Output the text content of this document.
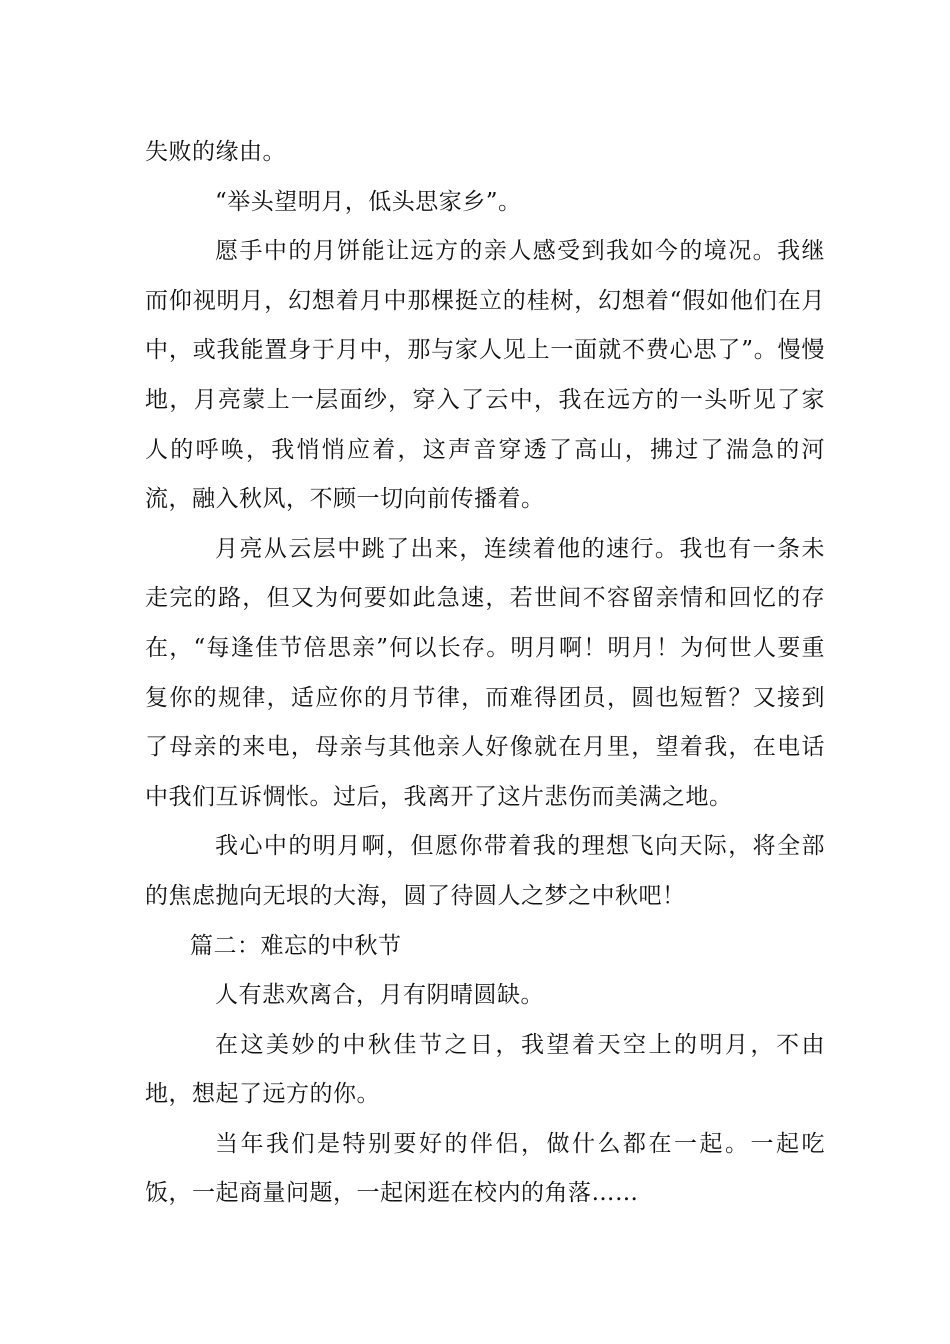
失败的缘由。

“举头望明月，低头思家乡”。

愿手中的月饼能让远方的亲人感受到我如今的境况。我继而仰视明月，幻想着月中那棵挺立的桂树，幻想着“假如他们在月中，或我能置身于月中，那与家人见上一面就不费心思了”。慢慢地，月亮蒙上一层面纱，穿入了云中，我在远方的一头听见了家人的呼唤，我悄悄应着，这声音穿透了高山，拂过了湍急的河流，融入秋风，不顾一切向前传播着。

月亮从云层中跳了出来，连续着他的速行。我也有一条未走完的路，但又为何要如此急速，若世间不容留亲情和回忆的存在，“每逢佳节倍思亲”何以长存。明月啊！明月！为何世人要重复你的规律，适应你的月节律，而难得团员，圆也短暂？又接到了母亲的来电，母亲与其他亲人好像就在月里，望着我，在电话中我们互诉惆怅。过后，我离开了这片悲伤而美满之地。

我心中的明月啊，但愿你带着我的理想飞向天际，将全部的焦虑抛向无垠的大海，圆了待圆人之梦之中秋吧！

篇二：难忘的中秋节

人有悲欢离合，月有阴晴圆缺。

在这美妙的中秋佳节之日，我望着天空上的明月，不由地，想起了远方的你。

当年我们是特别要好的伴侣，做什么都在一起。一起吃饭，一起商量问题，一起闲逛在校内的角落……
